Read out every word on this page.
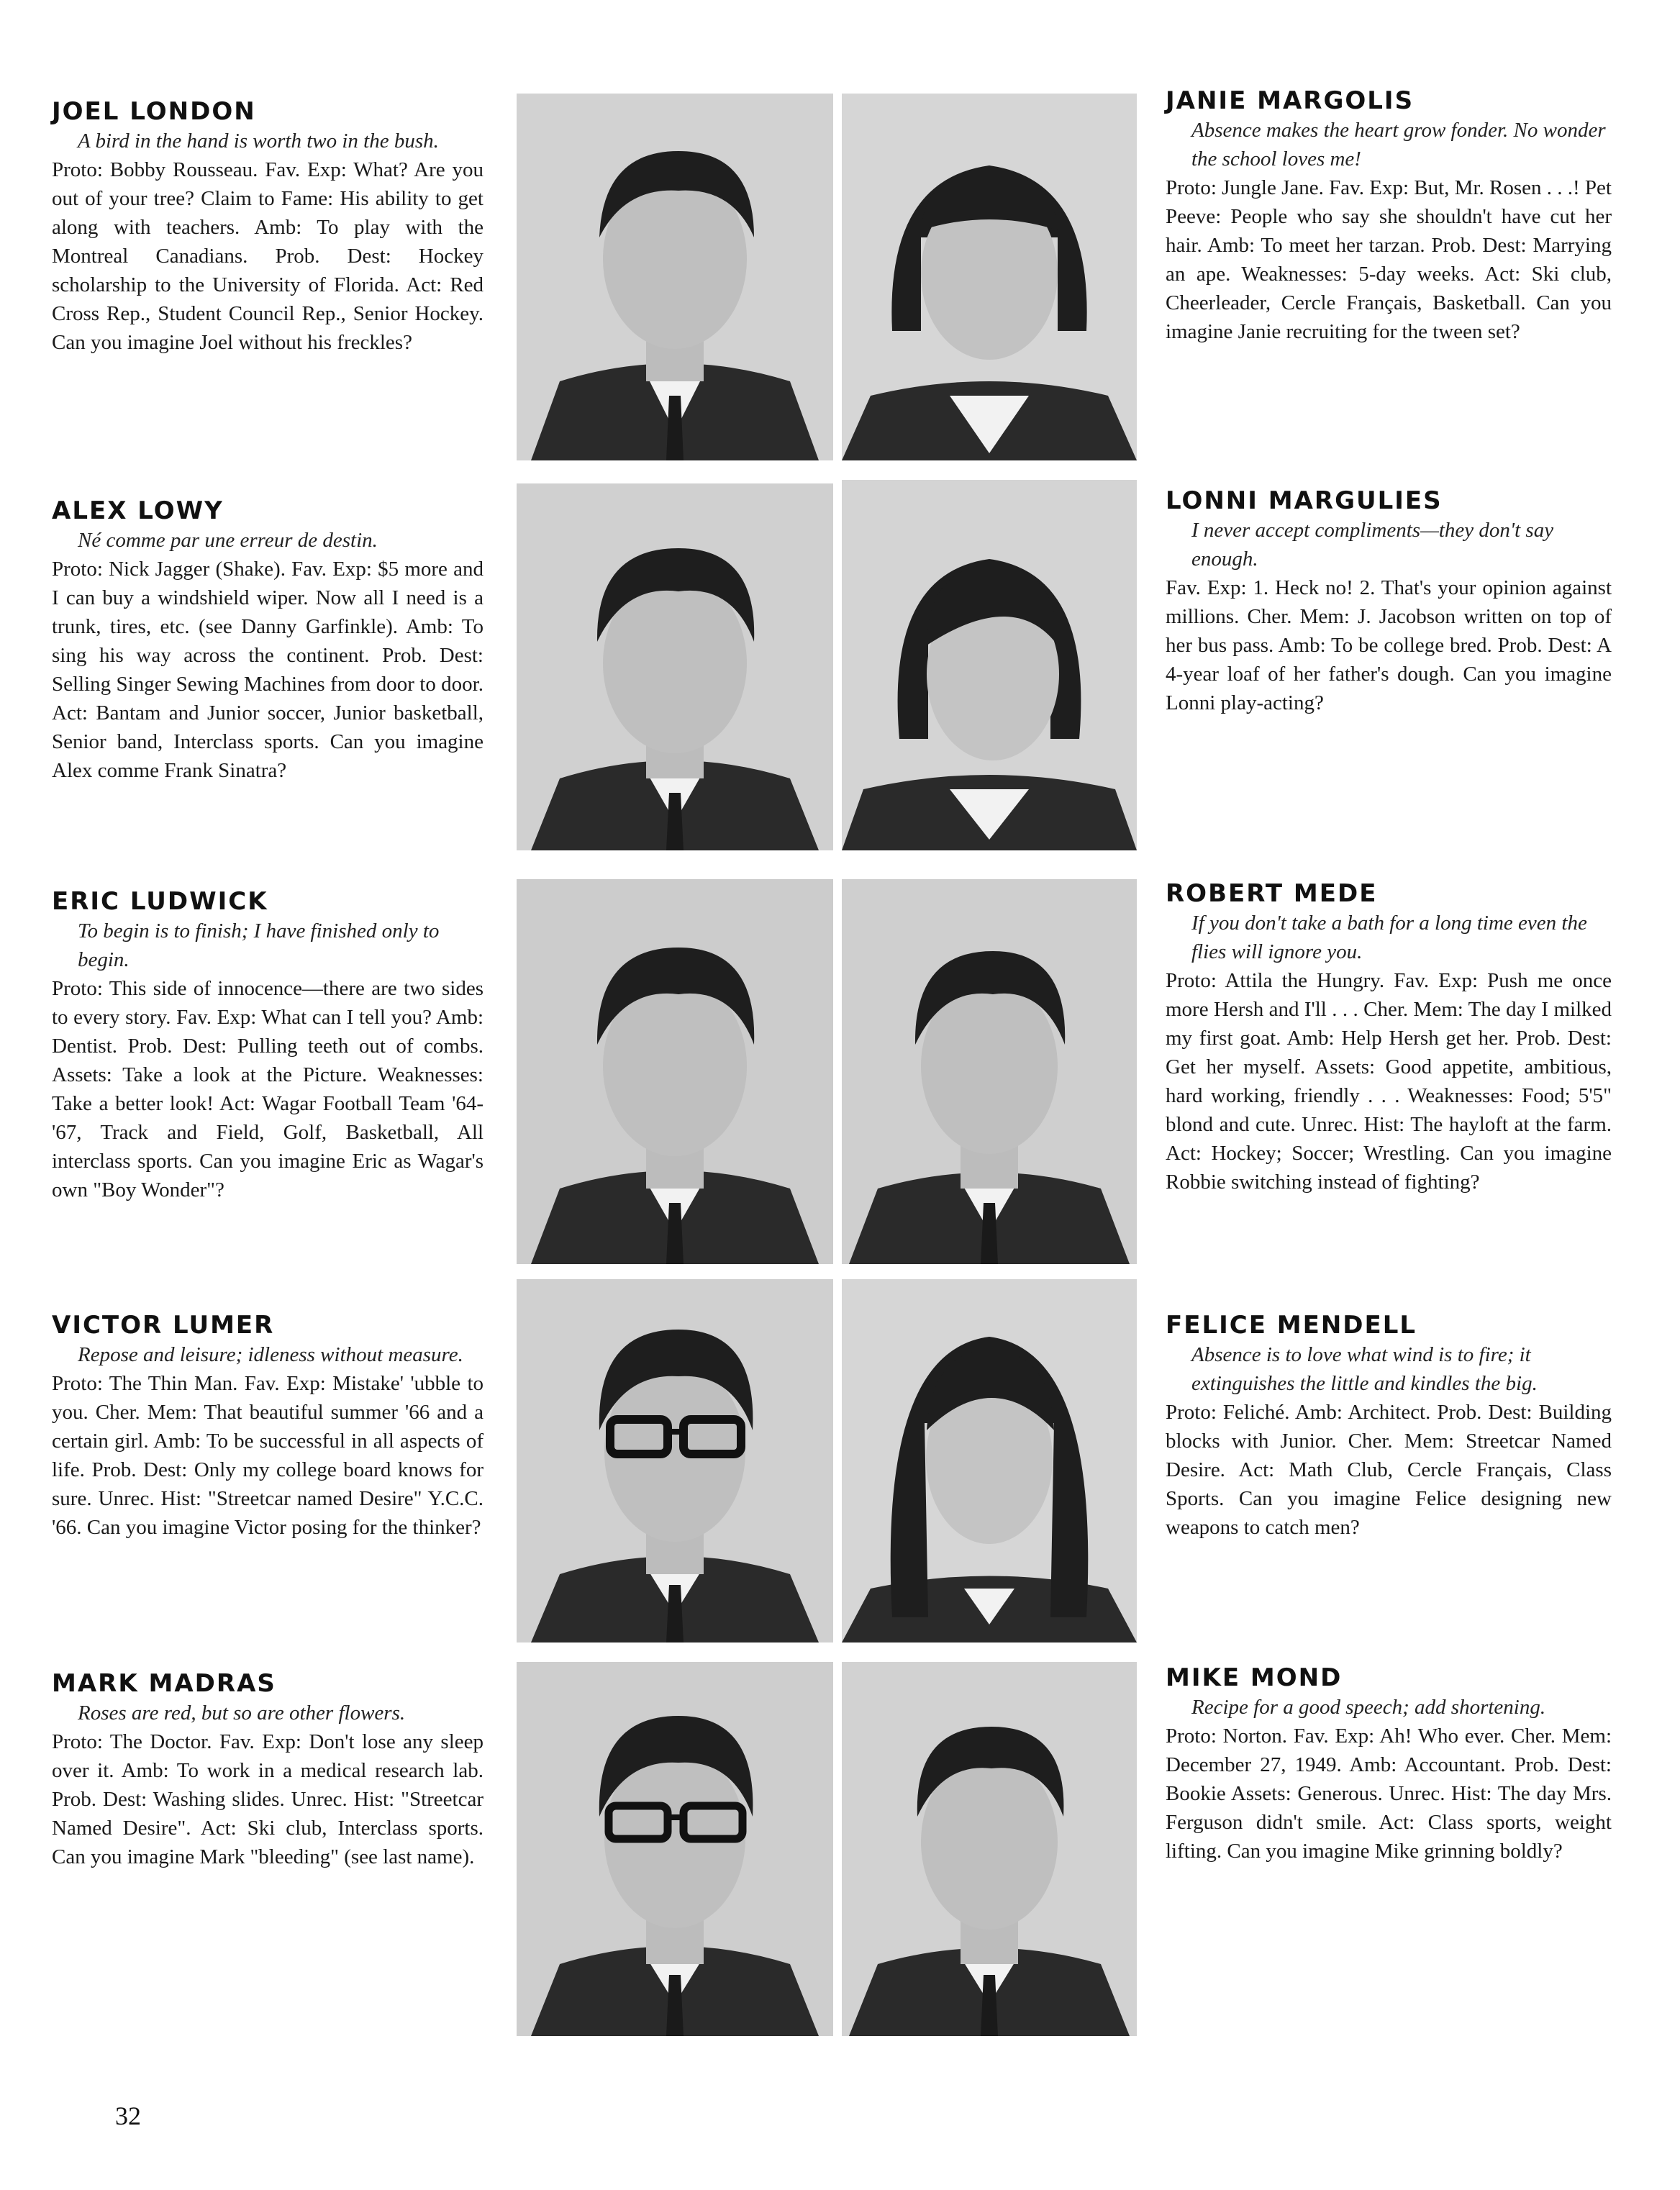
JOEL LONDON
A bird in the hand is worth two in the bush.
Proto: Bobby Rousseau. Fav. Exp: What? Are you out of your tree? Claim to Fame: His ability to get along with teachers. Amb: To play with the Montreal Canadians. Prob. Dest: Hockey scholarship to the University of Florida. Act: Red Cross Rep., Student Council Rep., Senior Hockey. Can you imagine Joel without his freckles?
ALEX LOWY
Né comme par une erreur de destin.
Proto: Nick Jagger (Shake). Fav. Exp: $5 more and I can buy a windshield wiper. Now all I need is a trunk, tires, etc. (see Danny Garfinkle). Amb: To sing his way across the continent. Prob. Dest: Selling Singer Sewing Machines from door to door. Act: Bantam and Junior soccer, Junior basketball, Senior band, Interclass sports. Can you imagine Alex comme Frank Sinatra?
ERIC LUDWICK
To begin is to finish; I have finished only to begin.
Proto: This side of innocence—there are two sides to every story. Fav. Exp: What can I tell you? Amb: Dentist. Prob. Dest: Pulling teeth out of combs. Assets: Take a look at the Picture. Weaknesses: Take a better look! Act: Wagar Football Team '64-'67, Track and Field, Golf, Basketball, All interclass sports. Can you imagine Eric as Wagar's own "Boy Wonder"?
VICTOR LUMER
Repose and leisure; idleness without measure.
Proto: The Thin Man. Fav. Exp: Mistake' 'ubble to you. Cher. Mem: That beautiful summer '66 and a certain girl. Amb: To be successful in all aspects of life. Prob. Dest: Only my college board knows for sure. Unrec. Hist: "Streetcar named Desire" Y.C.C. '66. Can you imagine Victor posing for the thinker?
MARK MADRAS
Roses are red, but so are other flowers.
Proto: The Doctor. Fav. Exp: Don't lose any sleep over it. Amb: To work in a medical research lab. Prob. Dest: Washing slides. Unrec. Hist: "Streetcar Named Desire". Act: Ski club, Interclass sports. Can you imagine Mark "bleeding" (see last name).
JANIE MARGOLIS
Absence makes the heart grow fonder. No wonder the school loves me!
Proto: Jungle Jane. Fav. Exp: But, Mr. Rosen . . .! Pet Peeve: People who say she shouldn't have cut her hair. Amb: To meet her tarzan. Prob. Dest: Marrying an ape. Weaknesses: 5-day weeks. Act: Ski club, Cheerleader, Cercle Français, Basketball. Can you imagine Janie recruiting for the tween set?
LONNI MARGULIES
I never accept compliments—they don't say enough.
Fav. Exp: 1. Heck no! 2. That's your opinion against millions. Cher. Mem: J. Jacobson written on top of her bus pass. Amb: To be college bred. Prob. Dest: A 4-year loaf of her father's dough. Can you imagine Lonni play-acting?
ROBERT MEDE
If you don't take a bath for a long time even the flies will ignore you.
Proto: Attila the Hungry. Fav. Exp: Push me once more Hersh and I'll . . . Cher. Mem: The day I milked my first goat. Amb: Help Hersh get her. Prob. Dest: Get her myself. Assets: Good appetite, ambitious, hard working, friendly . . . Weaknesses: Food; 5'5" blond and cute. Unrec. Hist: The hayloft at the farm. Act: Hockey; Soccer; Wrestling. Can you imagine Robbie switching instead of fighting?
FELICE MENDELL
Absence is to love what wind is to fire; it extinguishes the little and kindles the big.
Proto: Feliché. Amb: Architect. Prob. Dest: Building blocks with Junior. Cher. Mem: Streetcar Named Desire. Act: Math Club, Cercle Français, Class Sports. Can you imagine Felice designing new weapons to catch men?
MIKE MOND
Recipe for a good speech; add shortening.
Proto: Norton. Fav. Exp: Ah! Who ever. Cher. Mem: December 27, 1949. Amb: Accountant. Prob. Dest: Bookie Assets: Generous. Unrec. Hist: The day Mrs. Ferguson didn't smile. Act: Class sports, weight lifting. Can you imagine Mike grinning boldly?
32
